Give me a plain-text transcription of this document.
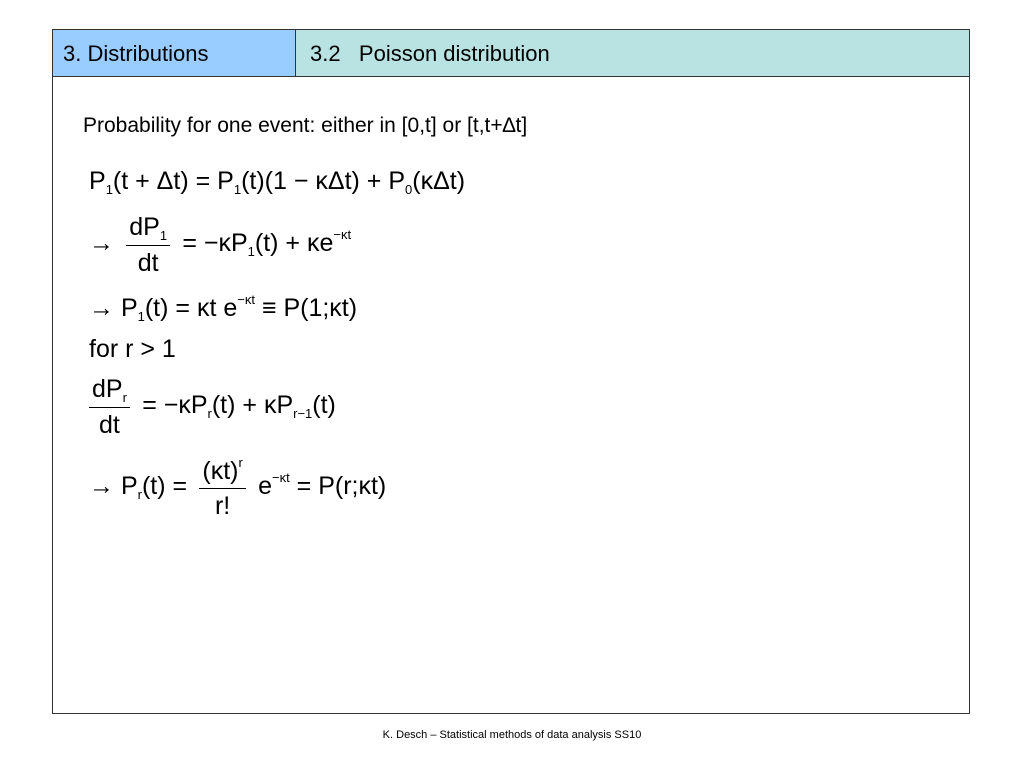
3. Distributions	3.2   Poisson distribution
Probability for one event: either in [0,t] or [t,t+∆t]
$P_1(t + \Delta t) = P_1(t)(1 - \kappa\Delta t) + P_0(\kappa\Delta t)$
→ $\frac{dP_1}{dt} = -\kappa P_1(t) + \kappa e^{-\kappa t}$
→ $P_1(t) = \kappa t$ $e^{-\kappa t}$ ≡ P(1;κt)
for r > 1
$\frac{dP_r}{dt} = -\kappa P_r(t) + \kappa P_{r-1}(t)$
→ $P_r(t) = \frac{(\kappa t)^r}{r!} e^{-\kappa t}$ = P(r;κt)
K. Desch – Statistical methods of data analysis SS10
